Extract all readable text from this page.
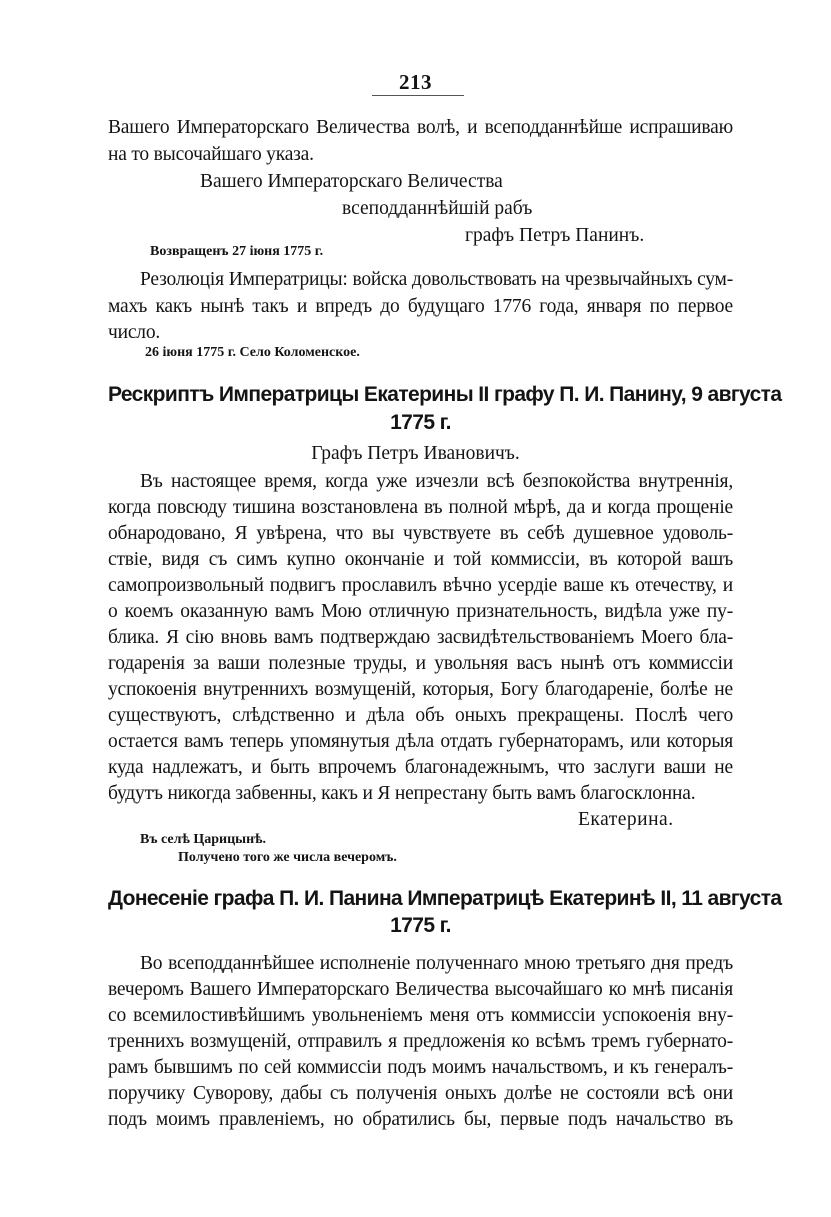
213
Вашего Императорскаго Величества волѣ, и всеподданнѣйше испрашиваю
на то высочайшаго указа.
Вашего Императорскаго Величества
всеподданнѣйшій рабъ
графъ Петръ Панинъ.
Возвращенъ 27 іюня 1775 г.
Резолюція Императрицы: войска довольствовать на чрезвычайныхъ сум-
махъ какъ нынѣ такъ и впредъ до будущаго 1776 года, января по первое
число.
26 іюня 1775 г. Село Коломенское.
Рескриптъ Императрицы Екатерины II графу П. И. Панину, 9 августа
1775 г.
Графъ Петръ Ивановичъ.
Въ настоящее время, когда уже изчезли всѣ безпокойства внутреннія,
когда повсюду тишина возстановлена въ полной мѣрѣ, да и когда прощеніе
обнародовано, Я увѣрена, что вы чувствуете въ себѣ душевное удоволь-
ствіе, видя съ симъ купно окончаніе и той коммиссіи, въ которой вашъ
самопроизвольный подвигъ прославилъ вѣчно усердіе ваше къ отечеству, и
о коемъ оказанную вамъ Мою отличную признательность, видѣла уже пу-
блика. Я сію вновь вамъ подтверждаю засвидѣтельствованіемъ Моего бла-
годаренія за ваши полезные труды, и увольняя васъ нынѣ отъ коммиссіи
успокоенія внутреннихъ возмущеній, которыя, Богу благодареніе, болѣе не
существуютъ, слѣдственно и дѣла объ оныхъ прекращены. Послѣ чего
остается вамъ теперь упомянутыя дѣла отдать губернаторамъ, или которыя
куда надлежатъ, и быть впрочемъ благонадежнымъ, что заслуги ваши не
будутъ никогда забвенны, какъ и Я непрестану быть вамъ благосклонна.
Екатерина.
Въ селѣ Царицынѣ.
Получено того же числа вечеромъ.
Донесеніе графа П. И. Панина Императрицѣ Екатеринѣ II, 11 августа
1775 г.
Во всеподданнѣйшее исполненіе полученнаго мною третьяго дня предъ
вечеромъ Вашего Императорскаго Величества высочайшаго ко мнѣ писанія
со всемилостивѣйшимъ увольненіемъ меня отъ коммиссіи успокоенія вну-
треннихъ возмущеній, отправилъ я предложенія ко всѣмъ тремъ губернато-
рамъ бывшимъ по сей коммиссіи подъ моимъ начальствомъ, и къ генералъ-
поручику Суворову, дабы съ полученія оныхъ долѣе не состояли всѣ они
подъ моимъ правленіемъ, но обратились бы, первые подъ начальство въ
